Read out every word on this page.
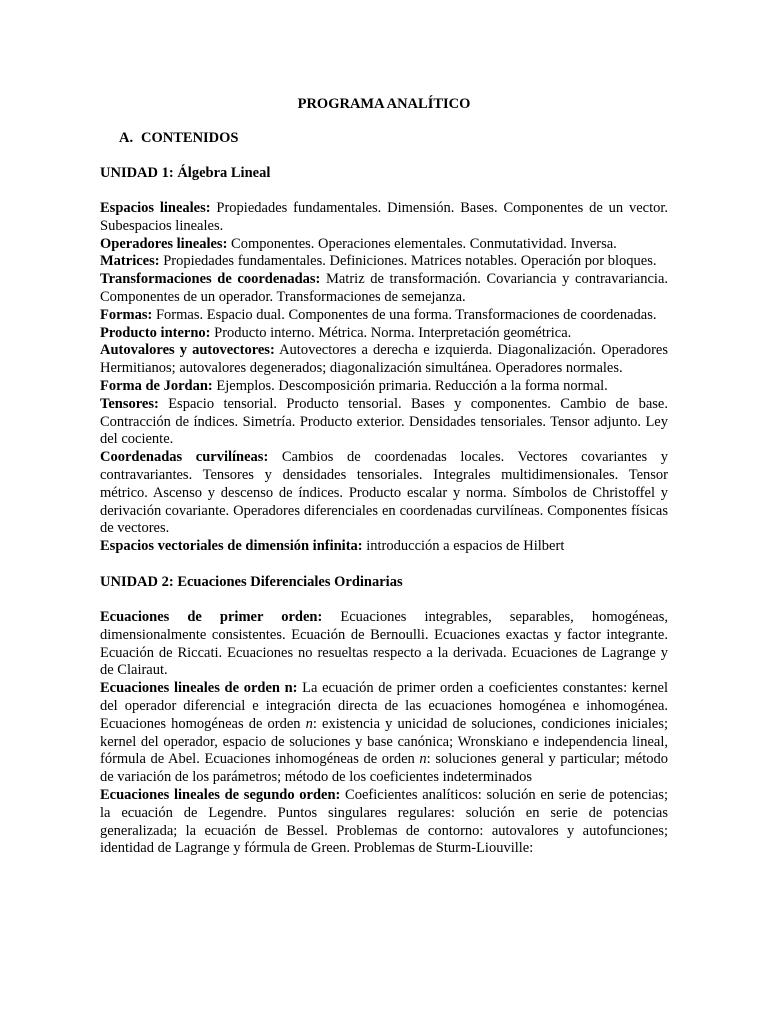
PROGRAMA ANALÍTICO
A. CONTENIDOS
UNIDAD 1: Álgebra Lineal

Espacios lineales: Propiedades fundamentales. Dimensión. Bases. Componentes de un vector. Subespacios lineales.

Operadores lineales: Componentes. Operaciones elementales. Conmutatividad. Inversa.

Matrices: Propiedades fundamentales. Definiciones. Matrices notables. Operación por bloques.

Transformaciones de coordenadas: Matriz de transformación. Covariancia y contravariancia. Componentes de un operador. Transformaciones de semejanza.

Formas: Formas. Espacio dual. Componentes de una forma. Transformaciones de coordenadas.

Producto interno: Producto interno. Métrica. Norma. Interpretación geométrica.

Autovalores y autovectores: Autovectores a derecha e izquierda. Diagonalización. Operadores Hermitianos; autovalores degenerados; diagonalización simultánea. Operadores normales.

Forma de Jordan: Ejemplos. Descomposición primaria. Reducción a la forma normal.

Tensores: Espacio tensorial. Producto tensorial. Bases y componentes. Cambio de base. Contracción de índices. Simetría. Producto exterior. Densidades tensoriales. Tensor adjunto. Ley del cociente.

Coordenadas curvilíneas: Cambios de coordenadas locales. Vectores covariantes y contravariantes. Tensores y densidades tensoriales. Integrales multidimensionales. Tensor métrico. Ascenso y descenso de índices. Producto escalar y norma. Símbolos de Christoffel y derivación covariante. Operadores diferenciales en coordenadas curvilíneas. Componentes físicas de vectores.

Espacios vectoriales de dimensión infinita: introducción a espacios de Hilbert

UNIDAD 2: Ecuaciones Diferenciales Ordinarias

Ecuaciones de primer orden: Ecuaciones integrables, separables, homogéneas, dimensionalmente consistentes. Ecuación de Bernoulli. Ecuaciones exactas y factor integrante. Ecuación de Riccati. Ecuaciones no resueltas respecto a la derivada. Ecuaciones de Lagrange y de Clairaut.

Ecuaciones lineales de orden n: La ecuación de primer orden a coeficientes constantes: kernel del operador diferencial e integración directa de las ecuaciones homogénea e inhomogénea. Ecuaciones homogéneas de orden n: existencia y unicidad de soluciones, condiciones iniciales; kernel del operador, espacio de soluciones y base canónica; Wronskiano e independencia lineal, fórmula de Abel. Ecuaciones inhomogéneas de orden n: soluciones general y particular; método de variación de los parámetros; método de los coeficientes indeterminados

Ecuaciones lineales de segundo orden: Coeficientes analíticos: solución en serie de potencias; la ecuación de Legendre. Puntos singulares regulares: solución en serie de potencias generalizada; la ecuación de Bessel. Problemas de contorno: autovalores y autofunciones; identidad de Lagrange y fórmula de Green. Problemas de Sturm-Liouville:
